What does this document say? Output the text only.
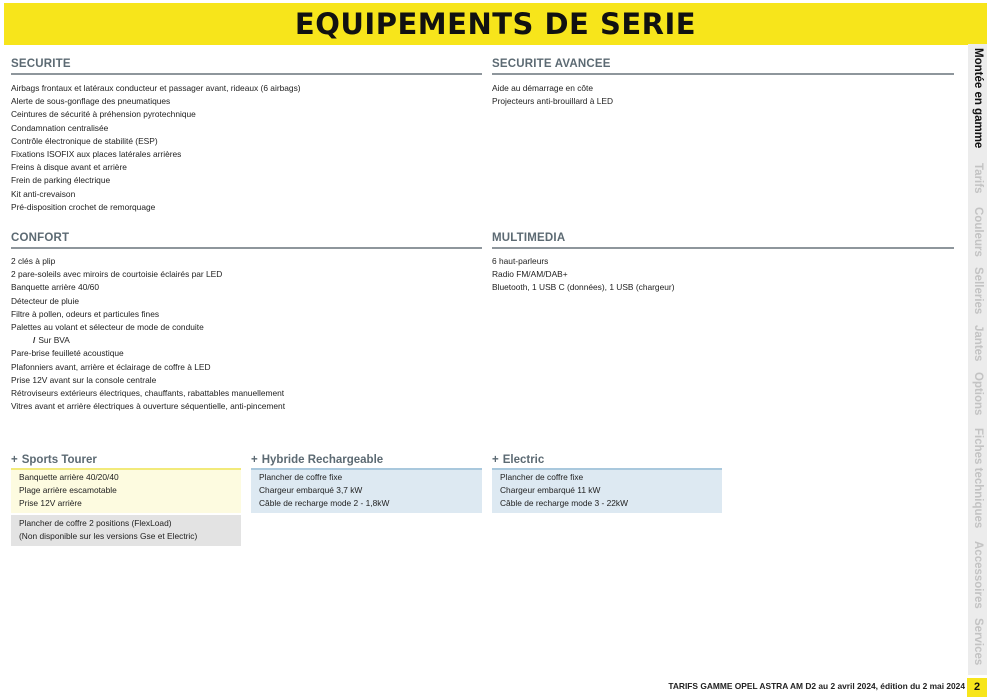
EQUIPEMENTS DE SERIE
SECURITE
Airbags frontaux et latéraux conducteur et passager avant, rideaux (6 airbags)
Alerte de sous-gonflage des pneumatiques
Ceintures de sécurité à préhension pyrotechnique
Condamnation centralisée
Contrôle électronique de stabilité (ESP)
Fixations ISOFIX aux places latérales arrières
Freins à disque avant et arrière
Frein de parking électrique
Kit anti-crevaison
Pré-disposition crochet de remorquage
SECURITE AVANCEE
Aide au démarrage en côte
Projecteurs anti-brouillard à LED
CONFORT
2 clés à plip
2 pare-soleils avec miroirs de courtoisie éclairés par LED
Banquette arrière 40/60
Détecteur de pluie
Filtre à pollen, odeurs et particules fines
Palettes au volant et sélecteur de mode de conduite
/ Sur BVA
Pare-brise feuilleté acoustique
Plafonniers avant, arrière et éclairage de coffre à LED
Prise 12V avant sur la console centrale
Rétroviseurs extérieurs électriques, chauffants, rabattables manuellement
Vitres avant et arrière électriques à ouverture séquentielle, anti-pincement
MULTIMEDIA
6 haut-parleurs
Radio FM/AM/DAB+
Bluetooth, 1 USB C (données), 1 USB (chargeur)
+ Sports Tourer
Banquette arrière 40/20/40
Plage arrière escamotable
Prise 12V arrière
Plancher de coffre 2 positions (FlexLoad)
(Non disponible sur les versions Gse et Electric)
+ Hybride Rechargeable
Plancher de coffre fixe
Chargeur embarqué 3,7 kW
Câble de recharge mode 2 - 1,8kW
+ Electric
Plancher de coffre fixe
Chargeur embarqué 11 kW
Câble de recharge mode 3 - 22kW
Montée en gamme
Tarifs
Couleurs
Selleries
Jantes
Options
Fiches techniques
Accessoires
Services
2
TARIFS GAMME OPEL ASTRA AM D2 au 2 avril 2024, édition du 2 mai 2024
